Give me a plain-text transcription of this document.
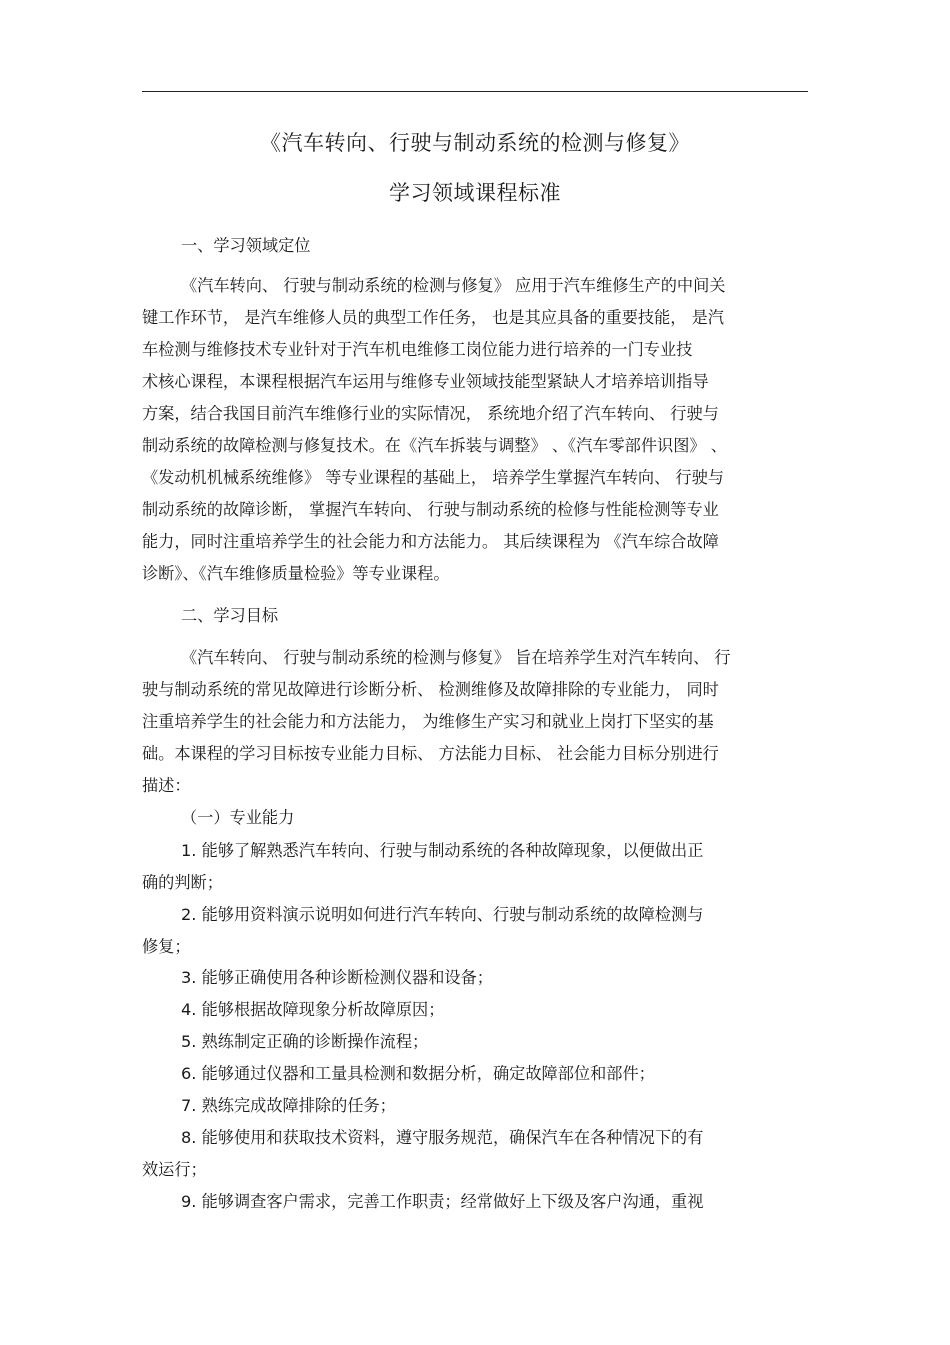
《汽车转向、行驶与制动系统的检测与修复》
学习领域课程标准
一、学习领域定位
《汽车转向、 行驶与制动系统的检测与修复》 应用于汽车维修生产的中间关
键工作环节， 是汽车维修人员的典型工作任务， 也是其应具备的重要技能， 是汽
车检测与维修技术专业针对于汽车机电维修工岗位能力进行培养的一门专业技
术核心课程，本课程根据汽车运用与维修专业领域技能型紧缺人才培养培训指导
方案，结合我国目前汽车维修行业的实际情况， 系统地介绍了汽车转向、 行驶与
制动系统的故障检测与修复技术。在《汽车拆装与调整》 、《汽车零部件识图》 、
《发动机机械系统维修》 等专业课程的基础上， 培养学生掌握汽车转向、 行驶与
制动系统的故障诊断， 掌握汽车转向、 行驶与制动系统的检修与性能检测等专业
能力，同时注重培养学生的社会能力和方法能力。 其后续课程为 《汽车综合故障
诊断》、《汽车维修质量检验》等专业课程。
二、学习目标
《汽车转向、 行驶与制动系统的检测与修复》 旨在培养学生对汽车转向、 行
驶与制动系统的常见故障进行诊断分析、 检测维修及故障排除的专业能力， 同时
注重培养学生的社会能力和方法能力， 为维修生产实习和就业上岗打下坚实的基
础。本课程的学习目标按专业能力目标、 方法能力目标、 社会能力目标分别进行
描述：
（一）专业能力
1. 能够了解熟悉汽车转向、行驶与制动系统的各种故障现象，以便做出正
确的判断；
2. 能够用资料演示说明如何进行汽车转向、行驶与制动系统的故障检测与
修复；
3. 能够正确使用各种诊断检测仪器和设备；
4. 能够根据故障现象分析故障原因；
5. 熟练制定正确的诊断操作流程；
6. 能够通过仪器和工量具检测和数据分析，确定故障部位和部件；
7. 熟练完成故障排除的任务；
8. 能够使用和获取技术资料，遵守服务规范，确保汽车在各种情况下的有
效运行；
9. 能够调查客户需求，完善工作职责；经常做好上下级及客户沟通，重视
